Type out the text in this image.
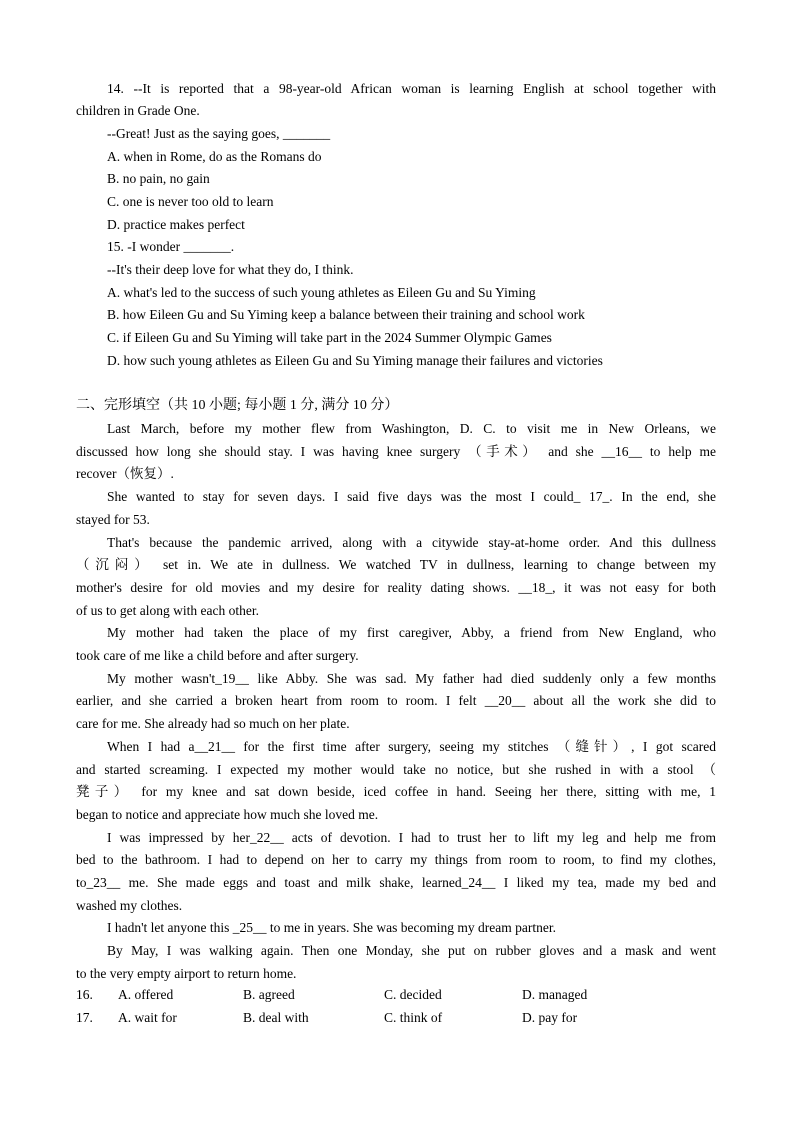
14. --It is reported that a 98-year-old African woman is learning English at school together with
children in Grade One.
--Great! Just as the saying goes, _______
A. when in Rome, do as the Romans do
B. no pain, no gain
C. one is never too old to learn
D. practice makes perfect
15. -I wonder _______.
--It's their deep love for what they do, I think.
A. what's led to the success of such young athletes as Eileen Gu and Su Yiming
B. how Eileen Gu and Su Yiming keep a balance between their training and school work
C. if Eileen Gu and Su Yiming will take part in the 2024 Summer Olympic Games
D. how such young athletes as Eileen Gu and Su Yiming manage their failures and victories
二、完形填空（共 10 小题; 每小题 1 分, 满分 10 分）
Last March, before my mother flew from Washington, D. C. to visit me in New Orleans, we
discussed how long she should stay. I was having knee surgery （手术） and she __16__ to help me
recover（恢复）.
She wanted to stay for seven days. I said five days was the most I could_ 17_. In the end, she
stayed for 53.
That's because the pandemic arrived, along with a citywide stay-at-home order. And this dullness
（沉闷） set in. We ate in dullness. We watched TV in dullness, learning to change between my
mother's desire for old movies and my desire for reality dating shows. __18_, it was not easy for both
of us to get along with each other.
My mother had taken the place of my first caregiver, Abby, a friend from New England, who
took care of me like a child before and after surgery.
My mother wasn't_19__ like Abby. She was sad. My father had died suddenly only a few months
earlier, and she carried a broken heart from room to room. I felt __20__ about all the work she did to
care for me. She already had so much on her plate.
When I had a__21__ for the first time after surgery, seeing my stitches （缝针）, I got scared
and started screaming. I expected my mother would take no notice, but she rushed in with a stool （
凳子） for my knee and sat down beside, iced coffee in hand. Seeing her there, sitting with me, 1
began to notice and appreciate how much she loved me.
I was impressed by her_22__ acts of devotion. I had to trust her to lift my leg and help me from
bed to the bathroom. I had to depend on her to carry my things from room to room, to find my clothes,
to_23__ me. She made eggs and toast and milk shake, learned_24__ I liked my tea, made my bed and
washed my clothes.
I hadn't let anyone this _25__ to me in years. She was becoming my dream partner.
By May, I was walking again. Then one Monday, she put on rubber gloves and a mask and went
to the very empty airport to return home.
16. A. offered	B. agreed	C. decided	D. managed
17. A. wait for	B. deal with	C. think of	D. pay for
